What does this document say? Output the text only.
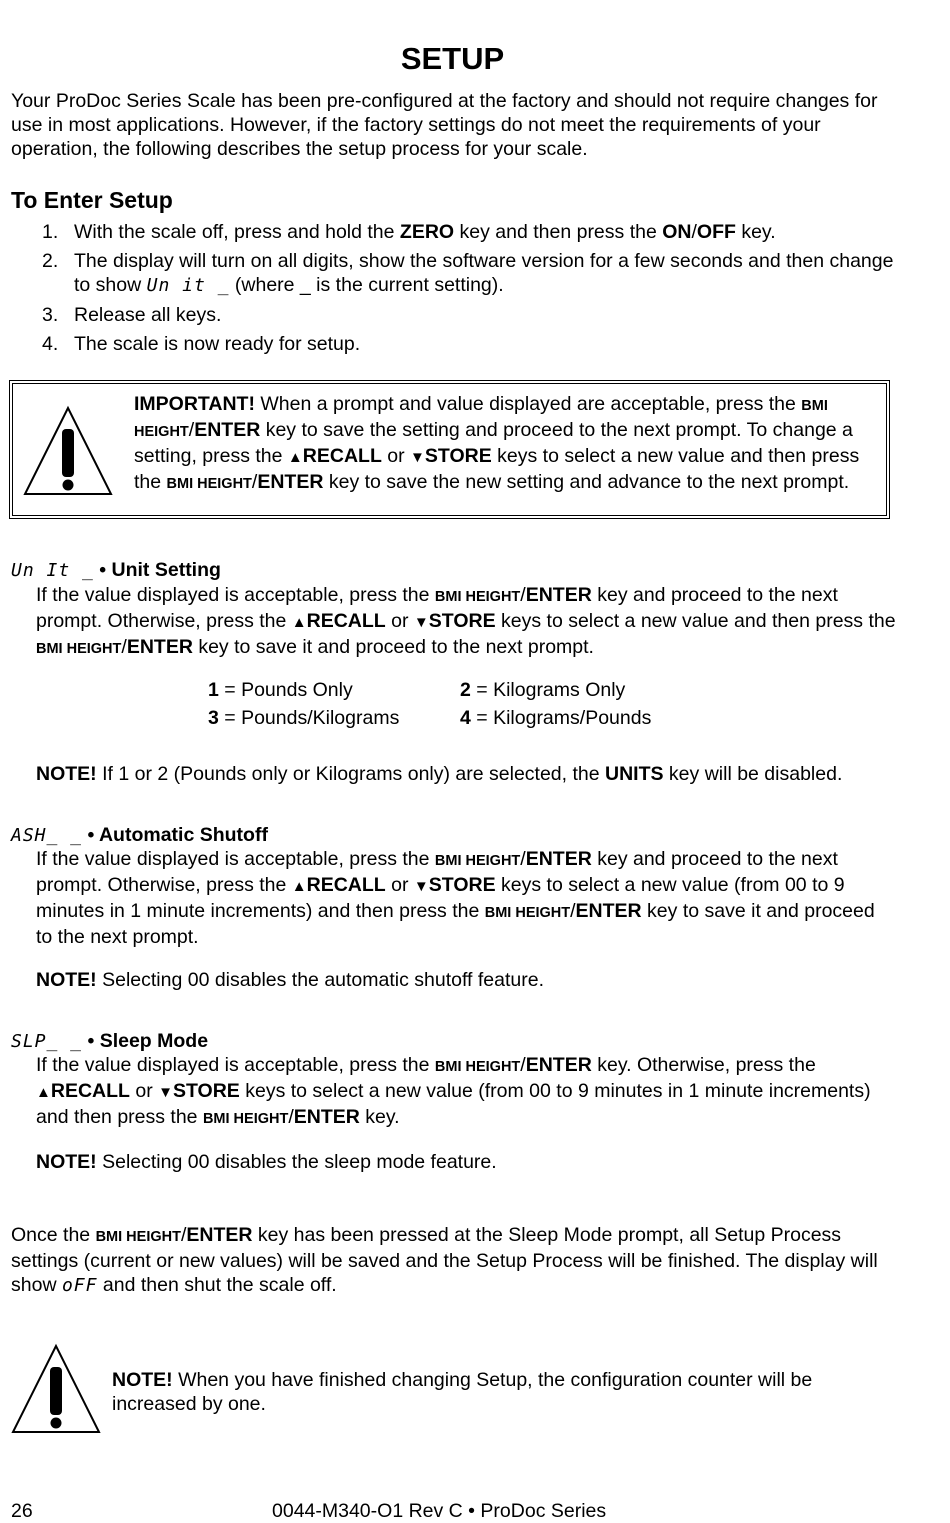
SETUP
Your ProDoc Series Scale has been pre-configured at the factory and should not require changes for use in most applications. However, if the factory settings do not meet the requirements of your operation, the following describes the setup process for your scale.
To Enter Setup
1. With the scale off, press and hold the ZERO key and then press the ON/OFF key.
2. The display will turn on all digits, show the software version for a few seconds and then change to show Un it _ (where _ is the current setting).
3. Release all keys.
4. The scale is now ready for setup.
IMPORTANT! When a prompt and value displayed are acceptable, press the BMI HEIGHT/ENTER key to save the setting and proceed to the next prompt. To change a setting, press the ▲RECALL or ▼STORE keys to select a new value and then press the BMI HEIGHT/ENTER key to save the new setting and advance to the next prompt.
Un It _ • Unit Setting
If the value displayed is acceptable, press the BMI HEIGHT/ENTER key and proceed to the next prompt. Otherwise, press the ▲RECALL or ▼STORE keys to select a new value and then press the BMI HEIGHT/ENTER key to save it and proceed to the next prompt.
1 = Pounds Only	2 = Kilograms Only
3 = Pounds/Kilograms	4 = Kilograms/Pounds
NOTE! If 1 or 2 (Pounds only or Kilograms only) are selected, the UNITS key will be disabled.
ASH_ _ • Automatic Shutoff
If the value displayed is acceptable, press the BMI HEIGHT/ENTER key and proceed to the next prompt. Otherwise, press the ▲RECALL or ▼STORE keys to select a new value (from 00 to 9 minutes in 1 minute increments) and then press the BMI HEIGHT/ENTER key to save it and proceed to the next prompt.
NOTE! Selecting 00 disables the automatic shutoff feature.
SLP_ _ • Sleep Mode
If the value displayed is acceptable, press the BMI HEIGHT/ENTER key. Otherwise, press the ▲RECALL or ▼STORE keys to select a new value (from 00 to 9 minutes in 1 minute increments) and then press the BMI HEIGHT/ENTER key.
NOTE! Selecting 00 disables the sleep mode feature.
Once the BMI HEIGHT/ENTER key has been pressed at the Sleep Mode prompt, all Setup Process settings (current or new values) will be saved and the Setup Process will be finished. The display will show oFF and then shut the scale off.
NOTE! When you have finished changing Setup, the configuration counter will be increased by one.
26	0044-M340-O1 Rev C • ProDoc Series
